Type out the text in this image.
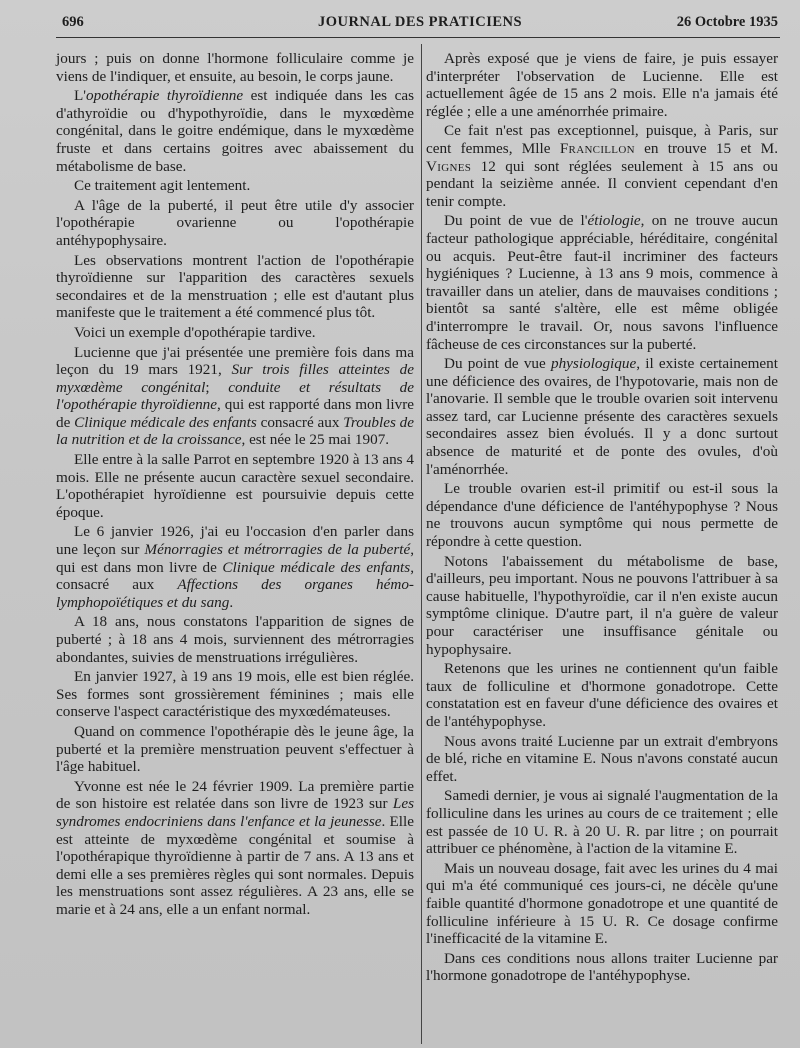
696	JOURNAL DES PRATICIENS	26 Octobre 1935

jours ; puis on donne l'hormone folliculaire comme je viens de l'indiquer, et ensuite, au besoin, le corps jaune.

L'opothérapie thyroïdienne est indiquée dans les cas d'athyroïdie ou d'hypothyroïdie, dans le myxœdème congénital, dans le goitre endémique, dans le myxœdème fruste et dans certains goitres avec abaissement du métabolisme de base.

Ce traitement agit lentement.

A l'âge de la puberté, il peut être utile d'y associer l'opothérapie ovarienne ou l'opothérapie antéhypophysaire.

Les observations montrent l'action de l'opothérapie thyroïdienne sur l'apparition des caractères sexuels secondaires et de la menstruation ; elle est d'autant plus manifeste que le traitement a été commencé plus tôt.

Voici un exemple d'opothérapie tardive.

Lucienne que j'ai présentée une première fois dans ma leçon du 19 mars 1921, Sur trois filles atteintes de myxœdème congénital; conduite et résultats de l'opothérapie thyroïdienne, qui est rapporté dans mon livre de Clinique médicale des enfants consacré aux Troubles de la nutrition et de la croissance, est née le 25 mai 1907.

Elle entre à la salle Parrot en septembre 1920 à 13 ans 4 mois. Elle ne présente aucun caractère sexuel secondaire. L'opothérapiet hyroïdienne est poursuivie depuis cette époque.

Le 6 janvier 1926, j'ai eu l'occasion d'en parler dans une leçon sur Ménorragies et métrorragies de la puberté, qui est dans mon livre de Clinique médicale des enfants, consacré aux Affections des organes hémo-lymphopoïétiques et du sang.

A 18 ans, nous constatons l'apparition de signes de puberté ; à 18 ans 4 mois, surviennent des métrorragies abondantes, suivies de menstruations irrégulières.

En janvier 1927, à 19 ans 19 mois, elle est bien réglée. Ses formes sont grossièrement féminines ; mais elle conserve l'aspect caractéristique des myxœdémateuses.

Quand on commence l'opothérapie dès le jeune âge, la puberté et la première menstruation peuvent s'effectuer à l'âge habituel.

Yvonne est née le 24 février 1909. La première partie de son histoire est relatée dans son livre de 1923 sur Les syndromes endocriniens dans l'enfance et la jeunesse. Elle est atteinte de myxœdème congénital et soumise à l'opothérapique thyroïdienne à partir de 7 ans. A 13 ans et demi elle a ses premières règles qui sont normales. Depuis les menstruations sont assez régulières. A 23 ans, elle se marie et à 24 ans, elle a un enfant normal.

Après exposé que je viens de faire, je puis essayer d'interpréter l'observation de Lucienne. Elle est actuellement âgée de 15 ans 2 mois. Elle n'a jamais été réglée ; elle a une aménorrhée primaire.

Ce fait n'est pas exceptionnel, puisque, à Paris, sur cent femmes, Mlle Francillon en trouve 15 et M. Vignes 12 qui sont réglées seulement à 15 ans ou pendant la seizième année. Il convient cependant d'en tenir compte.

Du point de vue de l'étiologie, on ne trouve aucun facteur pathologique appréciable, héréditaire, congénital ou acquis. Peut-être faut-il incriminer des facteurs hygiéniques ? Lucienne, à 13 ans 9 mois, commence à travailler dans un atelier, dans de mauvaises conditions ; bientôt sa santé s'altère, elle est même obligée d'interrompre le travail. Or, nous savons l'influence fâcheuse de ces circonstances sur la puberté.

Du point de vue physiologique, il existe certainement une déficience des ovaires, de l'hypotovarie, mais non de l'anovarie. Il semble que le trouble ovarien soit intervenu assez tard, car Lucienne présente des caractères sexuels secondaires assez bien évolués. Il y a donc surtout absence de maturité et de ponte des ovules, d'où l'aménorrhée.

Le trouble ovarien est-il primitif ou est-il sous la dépendance d'une déficience de l'antéhypophyse ? Nous ne trouvons aucun symptôme qui nous permette de répondre à cette question.

Notons l'abaissement du métabolisme de base, d'ailleurs, peu important. Nous ne pouvons l'attribuer à sa cause habituelle, l'hypothyroïdie, car il n'en existe aucun symptôme clinique. D'autre part, il n'a guère de valeur pour caractériser une insuffisance génitale ou hypophysaire.

Retenons que les urines ne contiennent qu'un faible taux de folliculine et d'hormone gonadotrope. Cette constatation est en faveur d'une déficience des ovaires et de l'antéhypophyse.

Nous avons traité Lucienne par un extrait d'embryons de blé, riche en vitamine E. Nous n'avons constaté aucun effet.

Samedi dernier, je vous ai signalé l'augmentation de la folliculine dans les urines au cours de ce traitement ; elle est passée de 10 U. R. à 20 U. R. par litre ; on pourrait attribuer ce phénomène, à l'action de la vitamine E.

Mais un nouveau dosage, fait avec les urines du 4 mai qui m'a été communiqué ces jours-ci, ne décèle qu'une faible quantité d'hormone gonadotrope et une quantité de folliculine inférieure à 15 U. R. Ce dosage confirme l'inefficacité de la vitamine E.

Dans ces conditions nous allons traiter Lucienne par l'hormone gonadotrope de l'antéhypophyse.
